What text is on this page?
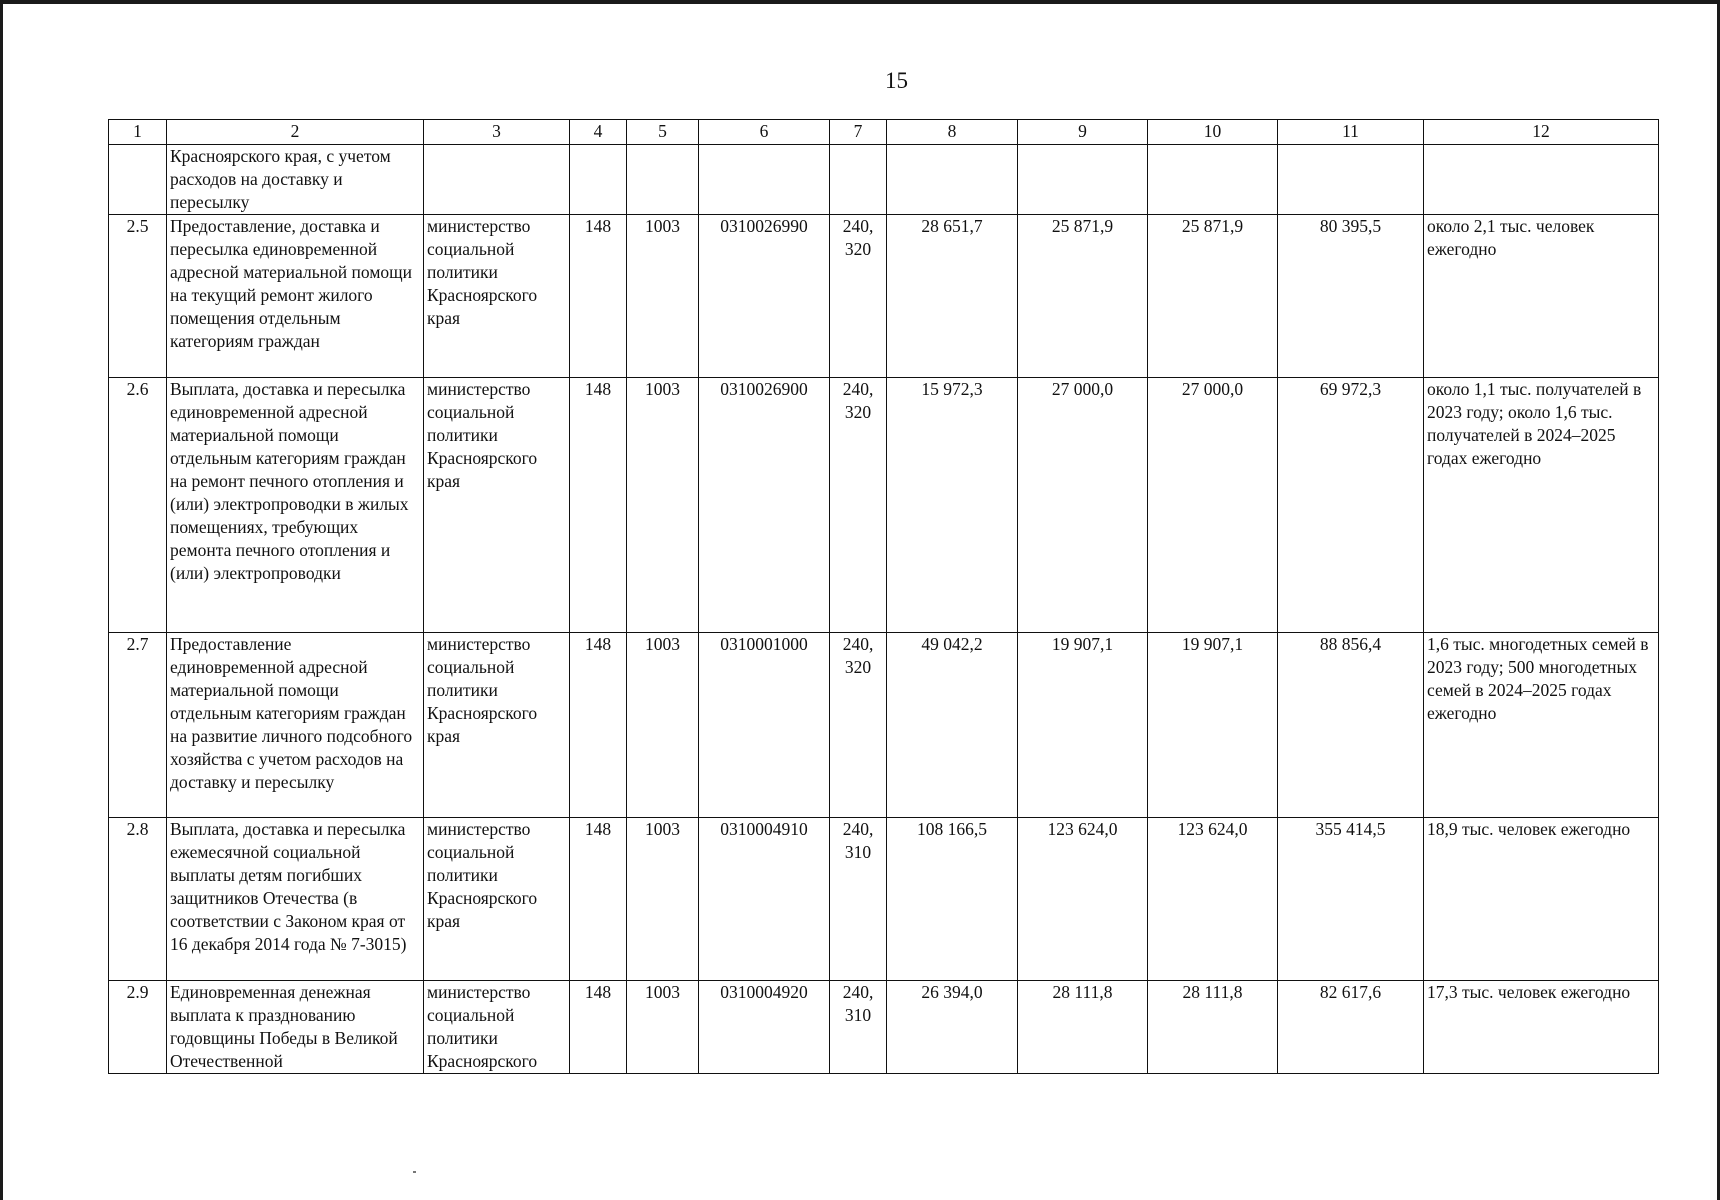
15
1	2	3	4	5	6	7	8	9	10	11	12
	Красноярского края, с учетом расходов на доставку и пересылку										
2.5	Предоставление, доставка и пересылка единовременной адресной материальной помощи на текущий ремонт жилого помещения отдельным категориям граждан	министерство социальной политики Красноярского края	148	1003	0310026990	240, 320	28 651,7	25 871,9	25 871,9	80 395,5	около 2,1 тыс. человек ежегодно
2.6	Выплата, доставка и пересылка единовременной адресной материальной помощи отдельным категориям граждан на ремонт печного отопления и (или) электропроводки в жилых помещениях, требующих ремонта печного отопления и (или) электропроводки	министерство социальной политики Красноярского края	148	1003	0310026900	240, 320	15 972,3	27 000,0	27 000,0	69 972,3	около 1,1 тыс. получателей в 2023 году; около 1,6 тыс. получателей в 2024–2025 годах ежегодно
2.7	Предоставление единовременной адресной материальной помощи отдельным категориям граждан на развитие личного подсобного хозяйства с учетом расходов на доставку и пересылку	министерство социальной политики Красноярского края	148	1003	0310001000	240, 320	49 042,2	19 907,1	19 907,1	88 856,4	1,6 тыс. многодетных семей в 2023 году; 500 многодетных семей в 2024–2025 годах ежегодно
2.8	Выплата, доставка и пересылка ежемесячной социальной выплаты детям погибших защитников Отечества (в соответствии с Законом края от 16 декабря 2014 года № 7-3015)	министерство социальной политики Красноярского края	148	1003	0310004910	240, 310	108 166,5	123 624,0	123 624,0	355 414,5	18,9 тыс. человек ежегодно
2.9	Единовременная денежная выплата к празднованию годовщины Победы в Великой Отечественной	министерство социальной политики Красноярского	148	1003	0310004920	240, 310	26 394,0	28 111,8	28 111,8	82 617,6	17,3 тыс. человек ежегодно
